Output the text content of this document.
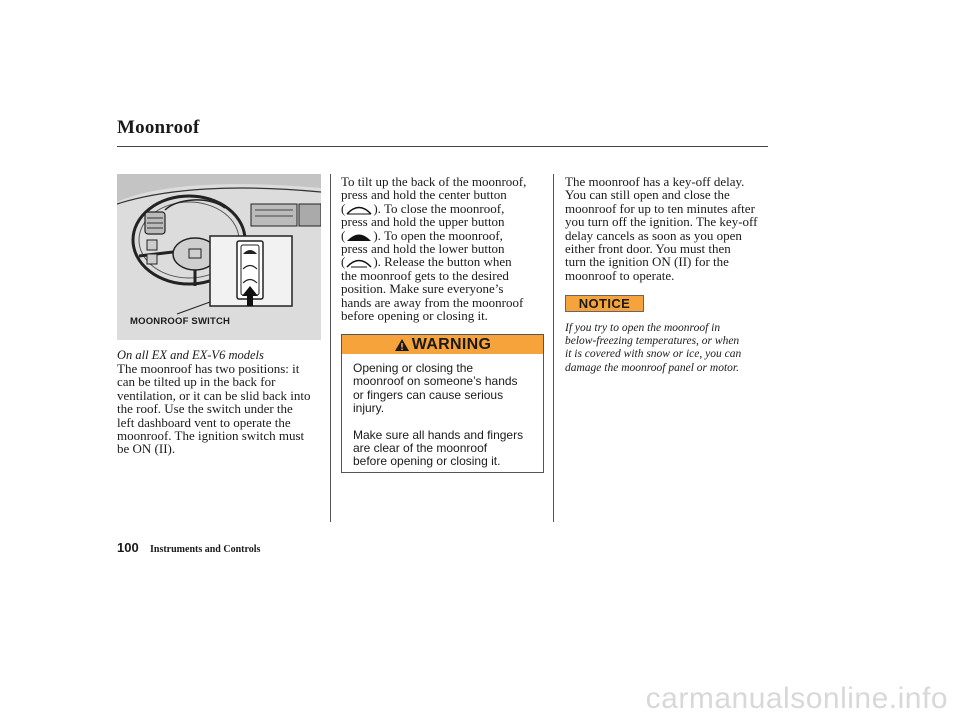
Moonroof
MOONROOF SWITCH
On all EX and EX-V6 models
The moonroof has two positions: it
can be tilted up in the back for
ventilation, or it can be slid back into
the roof. Use the switch under the
left dashboard vent to operate the
moonroof. The ignition switch must
be ON (II).
To tilt up the back of the moonroof,
press and hold the center button
( ). To close the moonroof,
press and hold the upper button
( ). To open the moonroof,
press and hold the lower button
( ). Release the button when
the moonroof gets to the desired
position. Make sure everyone’s
hands are away from the moonroof
before opening or closing it.
WARNING

Opening or closing the
moonroof on someone’s hands
or fingers can cause serious
injury.

Make sure all hands and fingers
are clear of the moonroof
before opening or closing it.

The moonroof has a key-off delay.
You can still open and close the
moonroof for up to ten minutes after
you turn off the ignition. The key-off
delay cancels as soon as you open
either front door. You must then
turn the ignition ON (II) for the
moonroof to operate.
NOTICE
If you try to open the moonroof in
below-freezing temperatures, or when
it is covered with snow or ice, you can
damage the moonroof panel or motor.
100 Instruments and Controls
carmanualsonline.info
